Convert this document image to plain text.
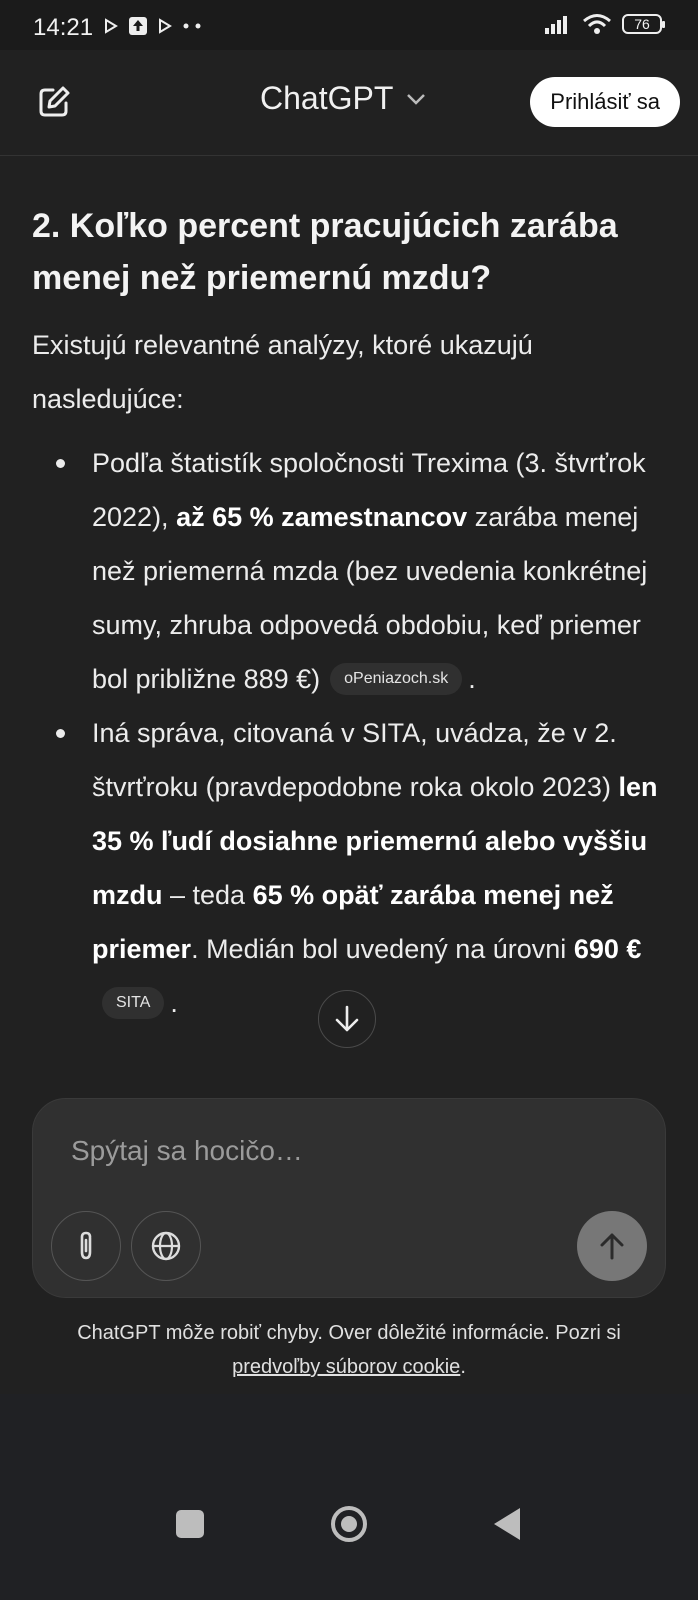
14:21	76
ChatGPT	Prihlásiť sa
2. Koľko percent pracujúcich zarába menej než priemernú mzdu?

Existujú relevantné analýzy, ktoré ukazujú nasledujúce:

Podľa štatistík spoločnosti Trexima (3. štvrťrok 2022), až 65 % zamestnancov zarába menej než priemerná mzda (bez uvedenia konkrétnej sumy, zhruba odpovedá obdobiu, keď priemer bol približne 889 €) oPeniazoch.sk .
Iná správa, citovaná v SITA, uvádza, že v 2. štvrťroku (pravdepodobne roka okolo 2023) len 35 % ľudí dosiahne priemernú alebo vyššiu mzdu – teda 65 % opäť zarába menej než priemer. Medián bol uvedený na úrovni 690 €SITA .
Spýtaj sa hocičo…
ChatGPT môže robiť chyby. Over dôležité informácie. Pozri si
predvoľby súborov cookie.
